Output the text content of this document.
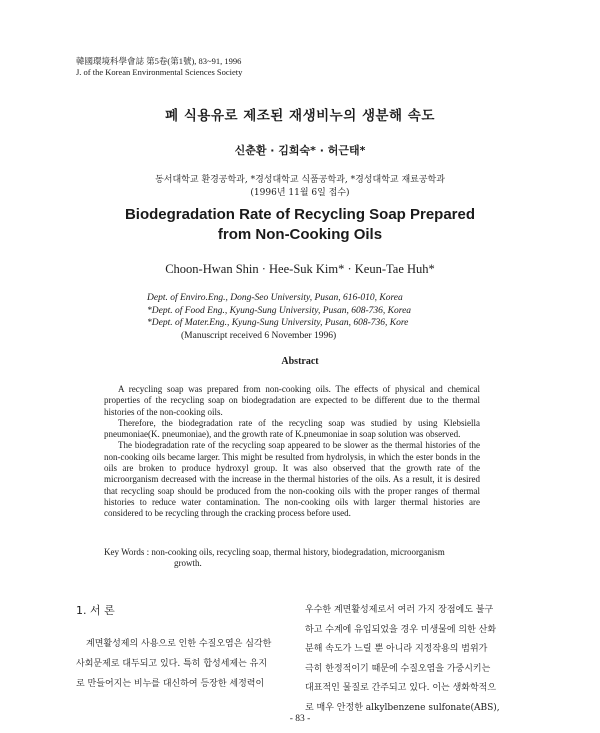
韓國環境科學會誌 第5卷(第1號), 83~91, 1996
J. of the Korean Environmental Sciences Society
폐 식용유로 제조된 재생비누의 생분해 속도
신춘환 · 김희숙* · 허근태*
동서대학교 환경공학과, *경성대학교 식품공학과, *경성대학교 재료공학과
(1996년 11월 6일 접수)
Biodegradation Rate of Recycling Soap Prepared
from Non-Cooking Oils
Choon-Hwan Shin · Hee-Suk Kim* · Keun-Tae Huh*
Dept. of Enviro.Eng., Dong-Seo University, Pusan, 616-010, Korea
*Dept. of Food Eng., Kyung-Sung University, Pusan, 608-736, Korea
*Dept. of Mater.Eng., Kyung-Sung University, Pusan, 608-736, Kore
(Manuscript received 6 November 1996)
Abstract

A recycling soap was prepared from non-cooking oils. The effects of physical and chemical properties of the recycling soap on biodegradation are expected to be different due to the thermal histories of the non-cooking oils.

Therefore, the biodegradation rate of the recycling soap was studied by using Klebsiella pneumoniae(K. pneumoniae), and the growth rate of K.pneumoniae in soap solution was observed.

The biodegradation rate of the recycling soap appeared to be slower as the thermal histories of the non-cooking oils became larger. This might be resulted from hydrolysis, in which the ester bonds in the oils are broken to produce hydroxyl group. It was also observed that the growth rate of the microorganism decreased with the increase in the thermal histories of the oils. As a result, it is desired that recycling soap should be produced from the non-cooking oils with the proper ranges of thermal histories to reduce water contamination. The non-cooking oils with larger thermal histories are considered to be recycling through the cracking process before used.

Key Words : non-cooking oils, recycling soap, thermal history, biodegradation, microorganism
growth.
1. 서 론
계면활성제의 사용으로 인한 수질오염은 심각한
사회문제로 대두되고 있다. 특히 합성세제는 유지
로 만들어지는 비누를 대신하여 등장한 세정력이
우수한 계면활성제로서 여러 가지 장점에도 불구
하고 수계에 유입되었을 경우 미생물에 의한 산화
분해 속도가 느릴 뿐 아니라 지정작용의 범위가
극히 한정적이기 때문에 수질오염을 가중시키는
대표적인 물질로 간주되고 있다. 이는 생화학적으
로 매우 안정한 alkylbenzene sulfonate(ABS),
- 83 -
